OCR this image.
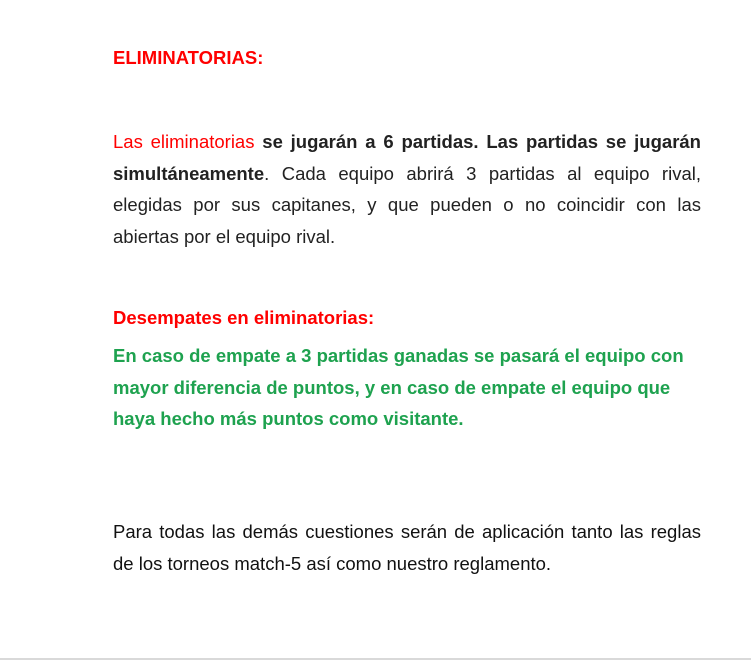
ELIMINATORIAS:

Las eliminatorias se jugarán a 6 partidas. Las partidas se jugarán simultáneamente. Cada equipo abrirá 3 partidas al equipo rival, elegidas por sus capitanes, y que pueden o no coincidir con las abiertas por el equipo rival.

Desempates en eliminatorias:

En caso de empate a 3 partidas ganadas se pasará el equipo con mayor diferencia de puntos, y en caso de empate el equipo que haya hecho más puntos como visitante.

Para todas las demás cuestiones serán de aplicación tanto las reglas de los torneos match-5 así como nuestro reglamento.
